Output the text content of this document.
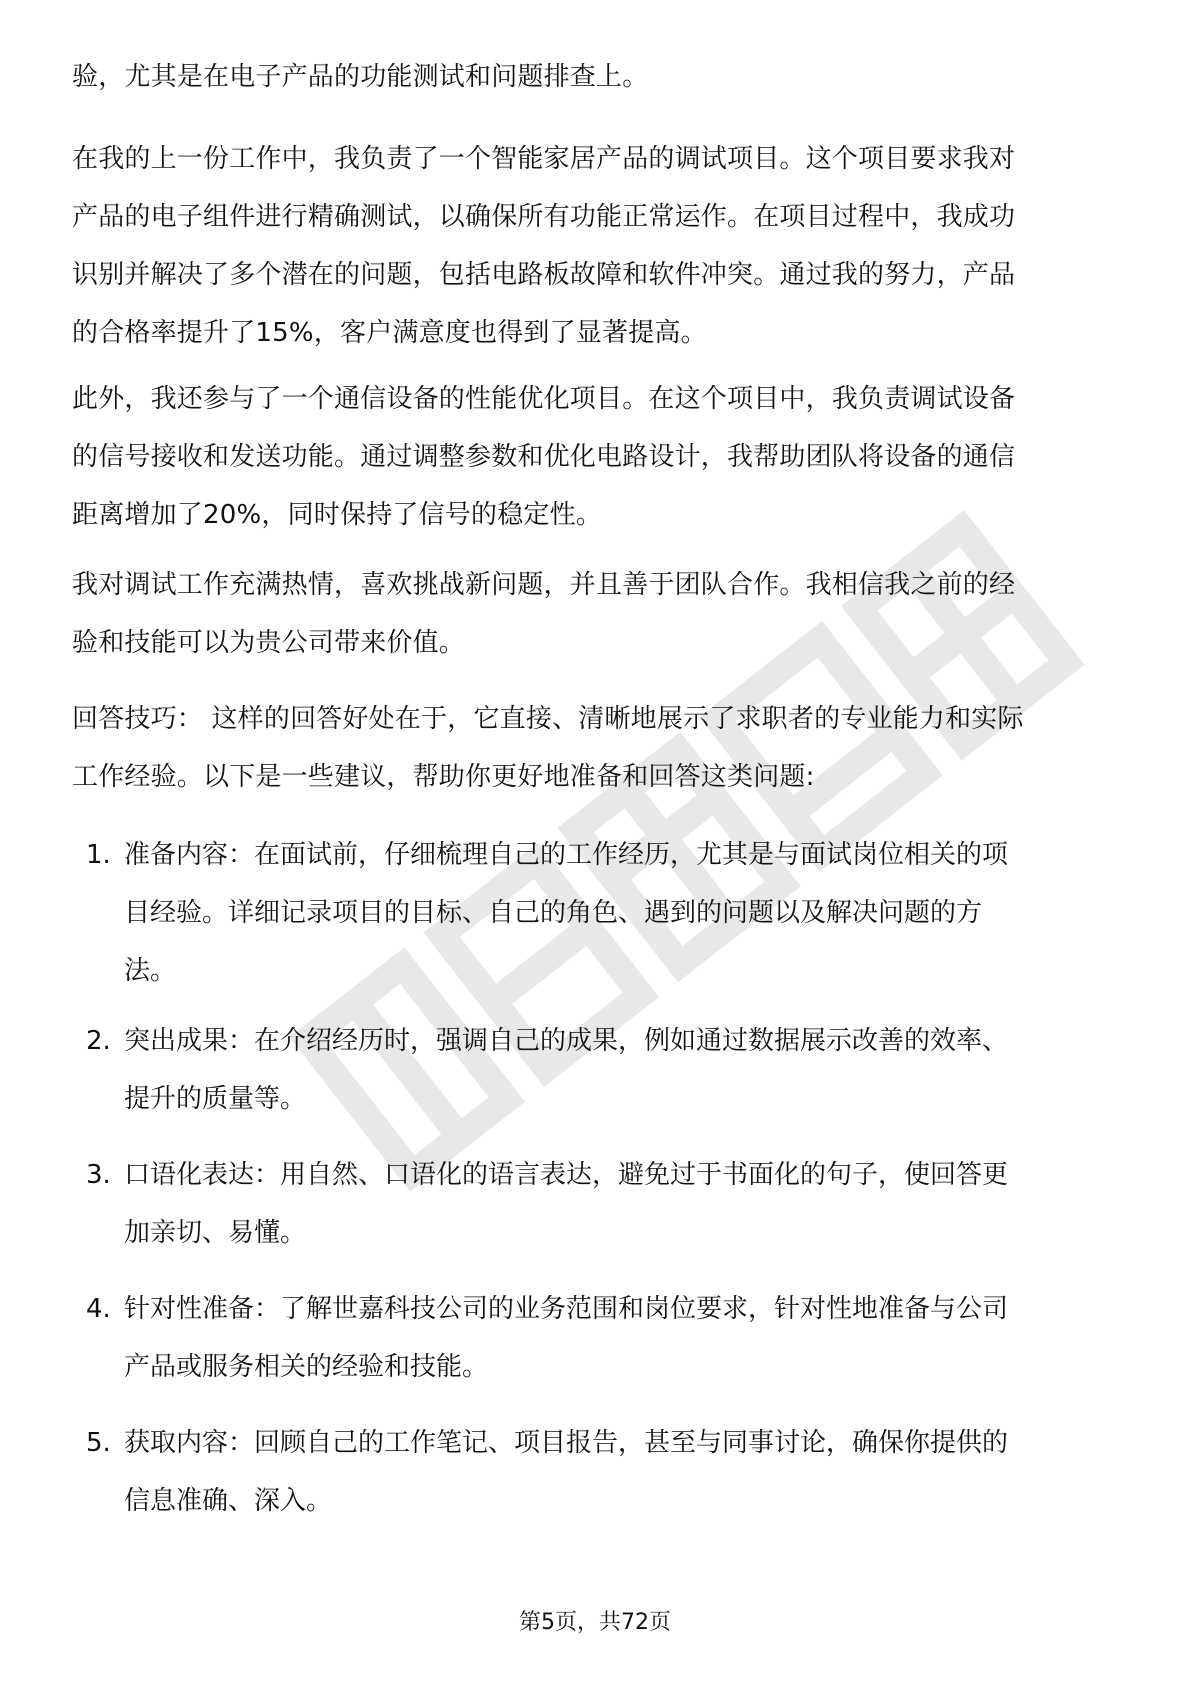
验，尤其是在电子产品的功能测试和问题排查上。

在我的上一份工作中，我负责了一个智能家居产品的调试项目。这个项目要求我对
产品的电子组件进行精确测试，以确保所有功能正常运作。在项目过程中，我成功
识别并解决了多个潜在的问题，包括电路板故障和软件冲突。通过我的努力，产品
的合格率提升了15%，客户满意度也得到了显著提高。

此外，我还参与了一个通信设备的性能优化项目。在这个项目中，我负责调试设备
的信号接收和发送功能。通过调整参数和优化电路设计，我帮助团队将设备的通信
距离增加了20%，同时保持了信号的稳定性。

我对调试工作充满热情，喜欢挑战新问题，并且善于团队合作。我相信我之前的经
验和技能可以为贵公司带来价值。

回答技巧： 这样的回答好处在于，它直接、清晰地展示了求职者的专业能力和实际
工作经验。以下是一些建议，帮助你更好地准备和回答这类问题:

1. 准备内容：在面试前，仔细梳理自己的工作经历，尤其是与面试岗位相关的项
目经验。详细记录项目的目标、自己的角色、遇到的问题以及解决问题的方
法。
2. 突出成果：在介绍经历时，强调自己的成果，例如通过数据展示改善的效率、
提升的质量等。
3. 口语化表达：用自然、口语化的语言表达，避免过于书面化的句子，使回答更
加亲切、易懂。
4. 针对性准备：了解世嘉科技公司的业务范围和岗位要求，针对性地准备与公司
产品或服务相关的经验和技能。
5. 获取内容：回顾自己的工作笔记、项目报告，甚至与同事讨论，确保你提供的
信息准确、深入。
第5页，共72页
